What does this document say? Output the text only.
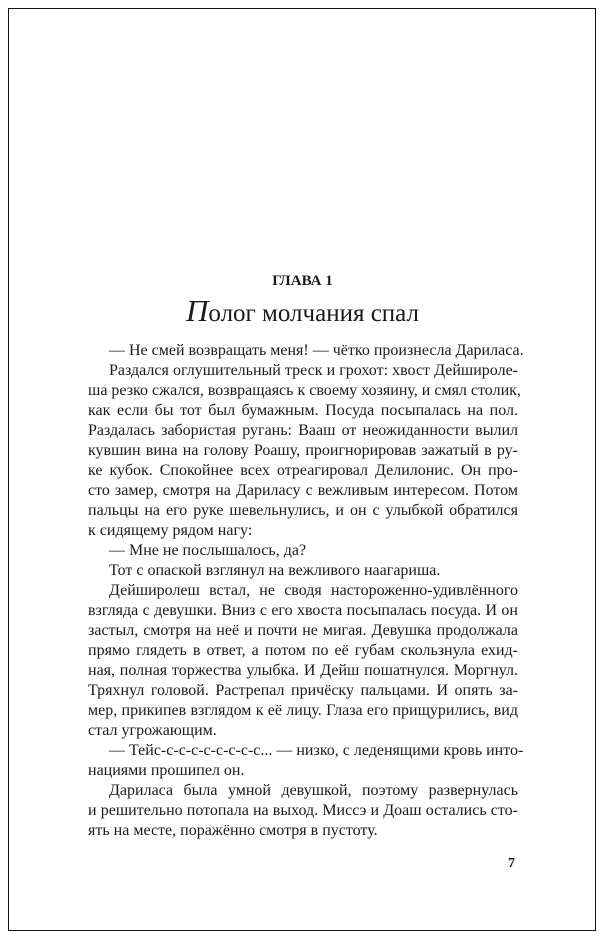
ГЛАВА 1
Полог молчания спал
— Не смей возвращать меня! — чётко произнесла Дариласа.
Раздался оглушительный треск и грохот: хвост Дейшироле-
ша резко сжался, возвращаясь к своему хозяину, и смял столик,
как если бы тот был бумажным. Посуда посыпалась на пол.
Раздалась забористая ругань: Вааш от неожиданности вылил
кувшин вина на голову Роашу, проигнорировав зажатый в ру-
ке кубок. Спокойнее всех отреагировал Делилонис. Он про-
сто замер, смотря на Дариласу с вежливым интересом. Потом
пальцы на его руке шевельнулись, и он с улыбкой обратился
к сидящему рядом нагу:
— Мне не послышалось, да?
Тот с опаской взглянул на вежливого наагариша.
Дейширолеш встал, не сводя настороженно-удивлённого
взгляда с девушки. Вниз с его хвоста посыпалась посуда. И он
застыл, смотря на неё и почти не мигая. Девушка продолжала
прямо глядеть в ответ, а потом по её губам скользнула ехид-
ная, полная торжества улыбка. И Дейш пошатнулся. Моргнул.
Тряхнул головой. Растрепал причёску пальцами. И опять за-
мер, прикипев взглядом к её лицу. Глаза его прищурились, вид
стал угрожающим.
— Тейс-с-с-с-с-с-с-с-с... — низко, с леденящими кровь инто-
нациями прошипел он.
Дариласа была умной девушкой, поэтому развернулась
и решительно потопала на выход. Миссэ и Доаш остались сто-
ять на месте, поражённо смотря в пустоту.
7
